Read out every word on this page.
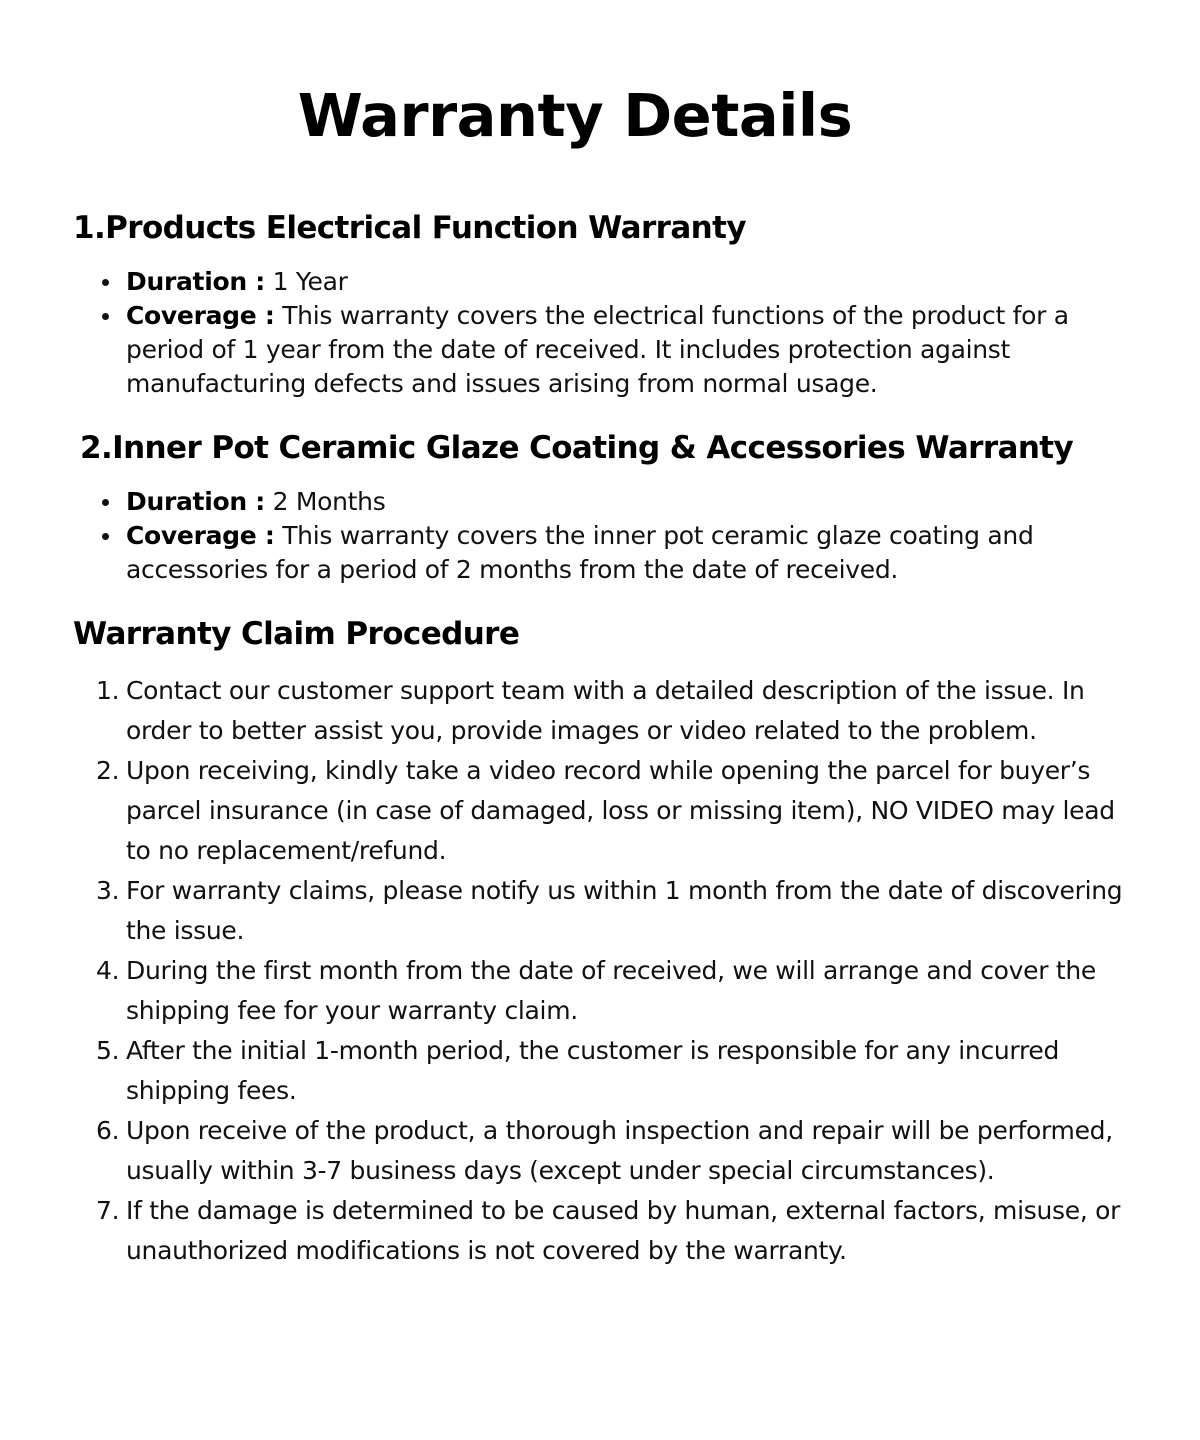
Warranty Details
1.Products Electrical Function Warranty
Duration : 1 Year
Coverage : This warranty covers the electrical functions of the product for a period of 1 year from the date of received. It includes protection against manufacturing defects and issues arising from normal usage.
2.Inner Pot Ceramic Glaze Coating & Accessories Warranty
Duration : 2 Months
Coverage : This warranty covers the inner pot ceramic glaze coating and accessories for a period of 2 months from the date of received.
Warranty Claim Procedure
1. Contact our customer support team with a detailed description of the issue. In order to better assist you, provide images or video related to the problem.
2. Upon receiving, kindly take a video record while opening the parcel for buyer’s parcel insurance (in case of damaged, loss or missing item), NO VIDEO may lead to no replacement/refund.
3. For warranty claims, please notify us within 1 month from the date of discovering the issue.
4. During the first month from the date of received, we will arrange and cover the shipping fee for your warranty claim.
5. After the initial 1-month period, the customer is responsible for any incurred shipping fees.
6. Upon receive of the product, a thorough inspection and repair will be performed, usually within 3-7 business days (except under special circumstances).
7. If the damage is determined to be caused by human, external factors, misuse, or unauthorized modifications is not covered by the warranty.
